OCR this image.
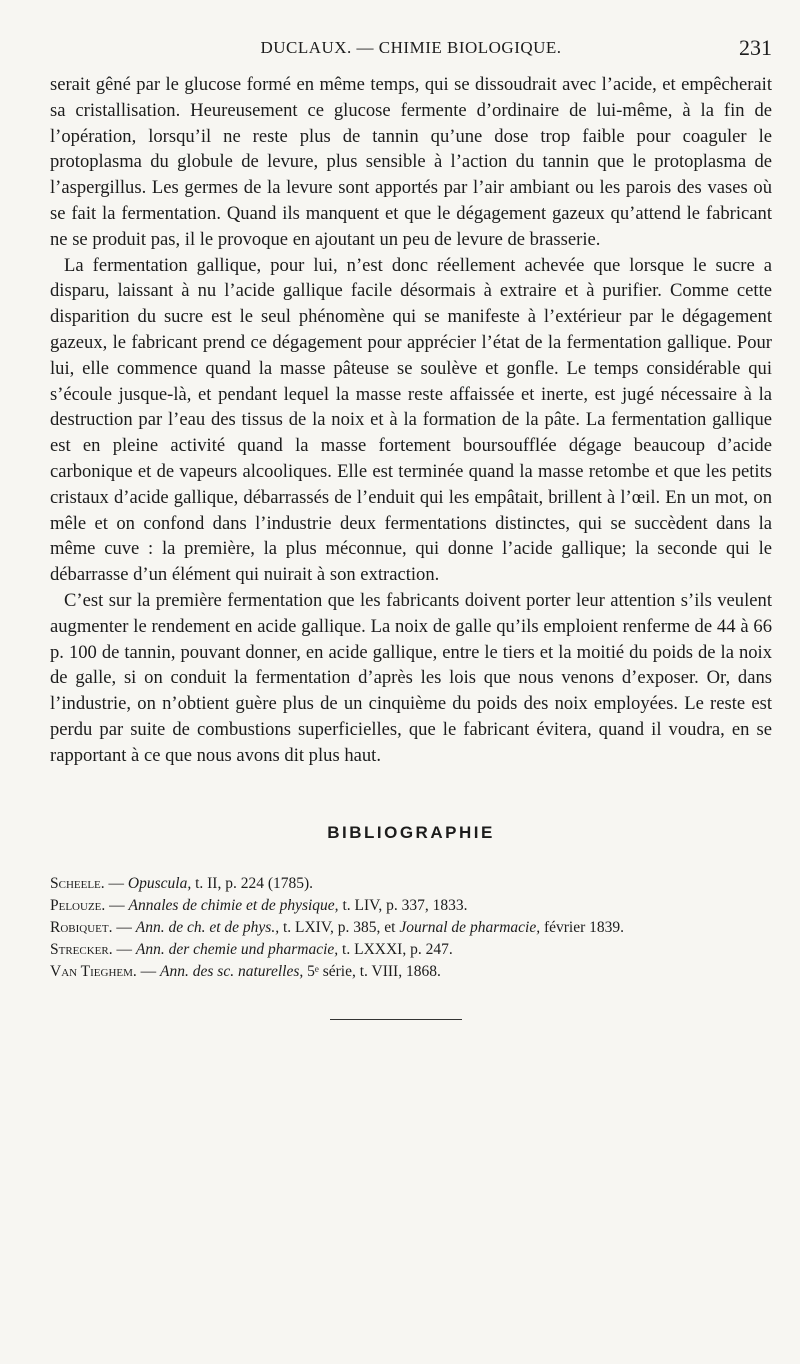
DUCLAUX. — CHIMIE BIOLOGIQUE.	231

serait gêné par le glucose formé en même temps, qui se dissoudrait avec l’acide, et empêcherait sa cristallisation. Heureusement ce glucose fermente d’ordinaire de lui-même, à la fin de l’opération, lorsqu’il ne reste plus de tannin qu’une dose trop faible pour coaguler le protoplasma du globule de levure, plus sensible à l’action du tannin que le protoplasma de l’aspergillus. Les germes de la levure sont apportés par l’air ambiant ou les parois des vases où se fait la fermentation. Quand ils manquent et que le dégagement gazeux qu’attend le fabricant ne se produit pas, il le provoque en ajoutant un peu de levure de brasserie.

La fermentation gallique, pour lui, n’est donc réellement achevée que lorsque le sucre a disparu, laissant à nu l’acide gallique facile désormais à extraire et à purifier. Comme cette disparition du sucre est le seul phénomène qui se manifeste à l’extérieur par le dégagement gazeux, le fabricant prend ce dégagement pour apprécier l’état de la fermentation gallique. Pour lui, elle commence quand la masse pâteuse se soulève et gonfle. Le temps considérable qui s’écoule jusque-là, et pendant lequel la masse reste affaissée et inerte, est jugé nécessaire à la destruction par l’eau des tissus de la noix et à la formation de la pâte. La fermentation gallique est en pleine activité quand la masse fortement boursoufflée dégage beaucoup d’acide carbonique et de vapeurs alcooliques. Elle est terminée quand la masse retombe et que les petits cristaux d’acide gallique, débarrassés de l’enduit qui les empâtait, brillent à l’œil. En un mot, on mêle et on confond dans l’industrie deux fermentations distinctes, qui se succèdent dans la même cuve : la première, la plus méconnue, qui donne l’acide gallique; la seconde qui le débarrasse d’un élément qui nuirait à son extraction.

C’est sur la première fermentation que les fabricants doivent porter leur attention s’ils veulent augmenter le rendement en acide gallique. La noix de galle qu’ils emploient renferme de 44 à 66 p. 100 de tannin, pouvant donner, en acide gallique, entre le tiers et la moitié du poids de la noix de galle, si on conduit la fermentation d’après les lois que nous venons d’exposer. Or, dans l’industrie, on n’obtient guère plus de un cinquième du poids des noix employées. Le reste est perdu par suite de combustions superficielles, que le fabricant évitera, quand il voudra, en se rapportant à ce que nous avons dit plus haut.

BIBLIOGRAPHIE
Scheele. — Opuscula, t. II, p. 224 (1785).
Pelouze. — Annales de chimie et de physique, t. LIV, p. 337, 1833.
Robiquet. — Ann. de ch. et de phys., t. LXIV, p. 385, et Journal de pharmacie, février 1839.
Strecker. — Ann. der chemie und pharmacie, t. LXXXI, p. 247.
Van Tieghem. — Ann. des sc. naturelles, 5ᵉ série, t. VIII, 1868.
